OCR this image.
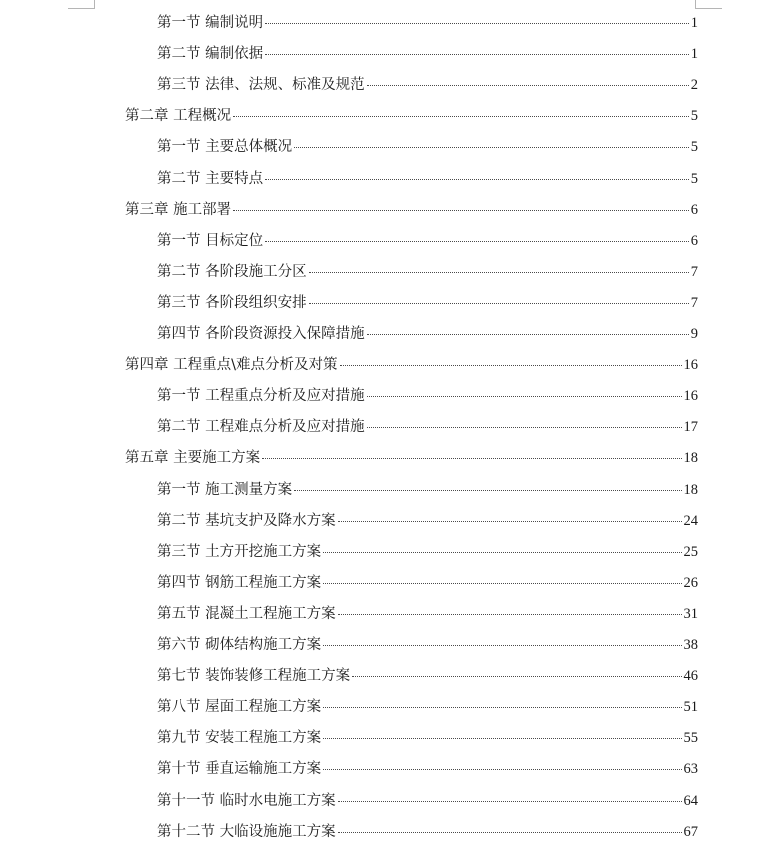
第一节 编制说明	1
第二节 编制依据	1
第三节 法律、法规、标准及规范	2
第二章 工程概况	5
第一节 主要总体概况	5
第二节 主要特点	5
第三章 施工部署	6
第一节 目标定位	6
第二节 各阶段施工分区	7
第三节 各阶段组织安排	7
第四节 各阶段资源投入保障措施	9
第四章 工程重点\难点分析及对策	16
第一节 工程重点分析及应对措施	16
第二节 工程难点分析及应对措施	17
第五章 主要施工方案	18
第一节 施工测量方案	18
第二节 基坑支护及降水方案	24
第三节 土方开挖施工方案	25
第四节 钢筋工程施工方案	26
第五节 混凝土工程施工方案	31
第六节 砌体结构施工方案	38
第七节 装饰装修工程施工方案	46
第八节 屋面工程施工方案	51
第九节 安装工程施工方案	55
第十节 垂直运输施工方案	63
第十一节 临时水电施工方案	64
第十二节 大临设施施工方案	67
